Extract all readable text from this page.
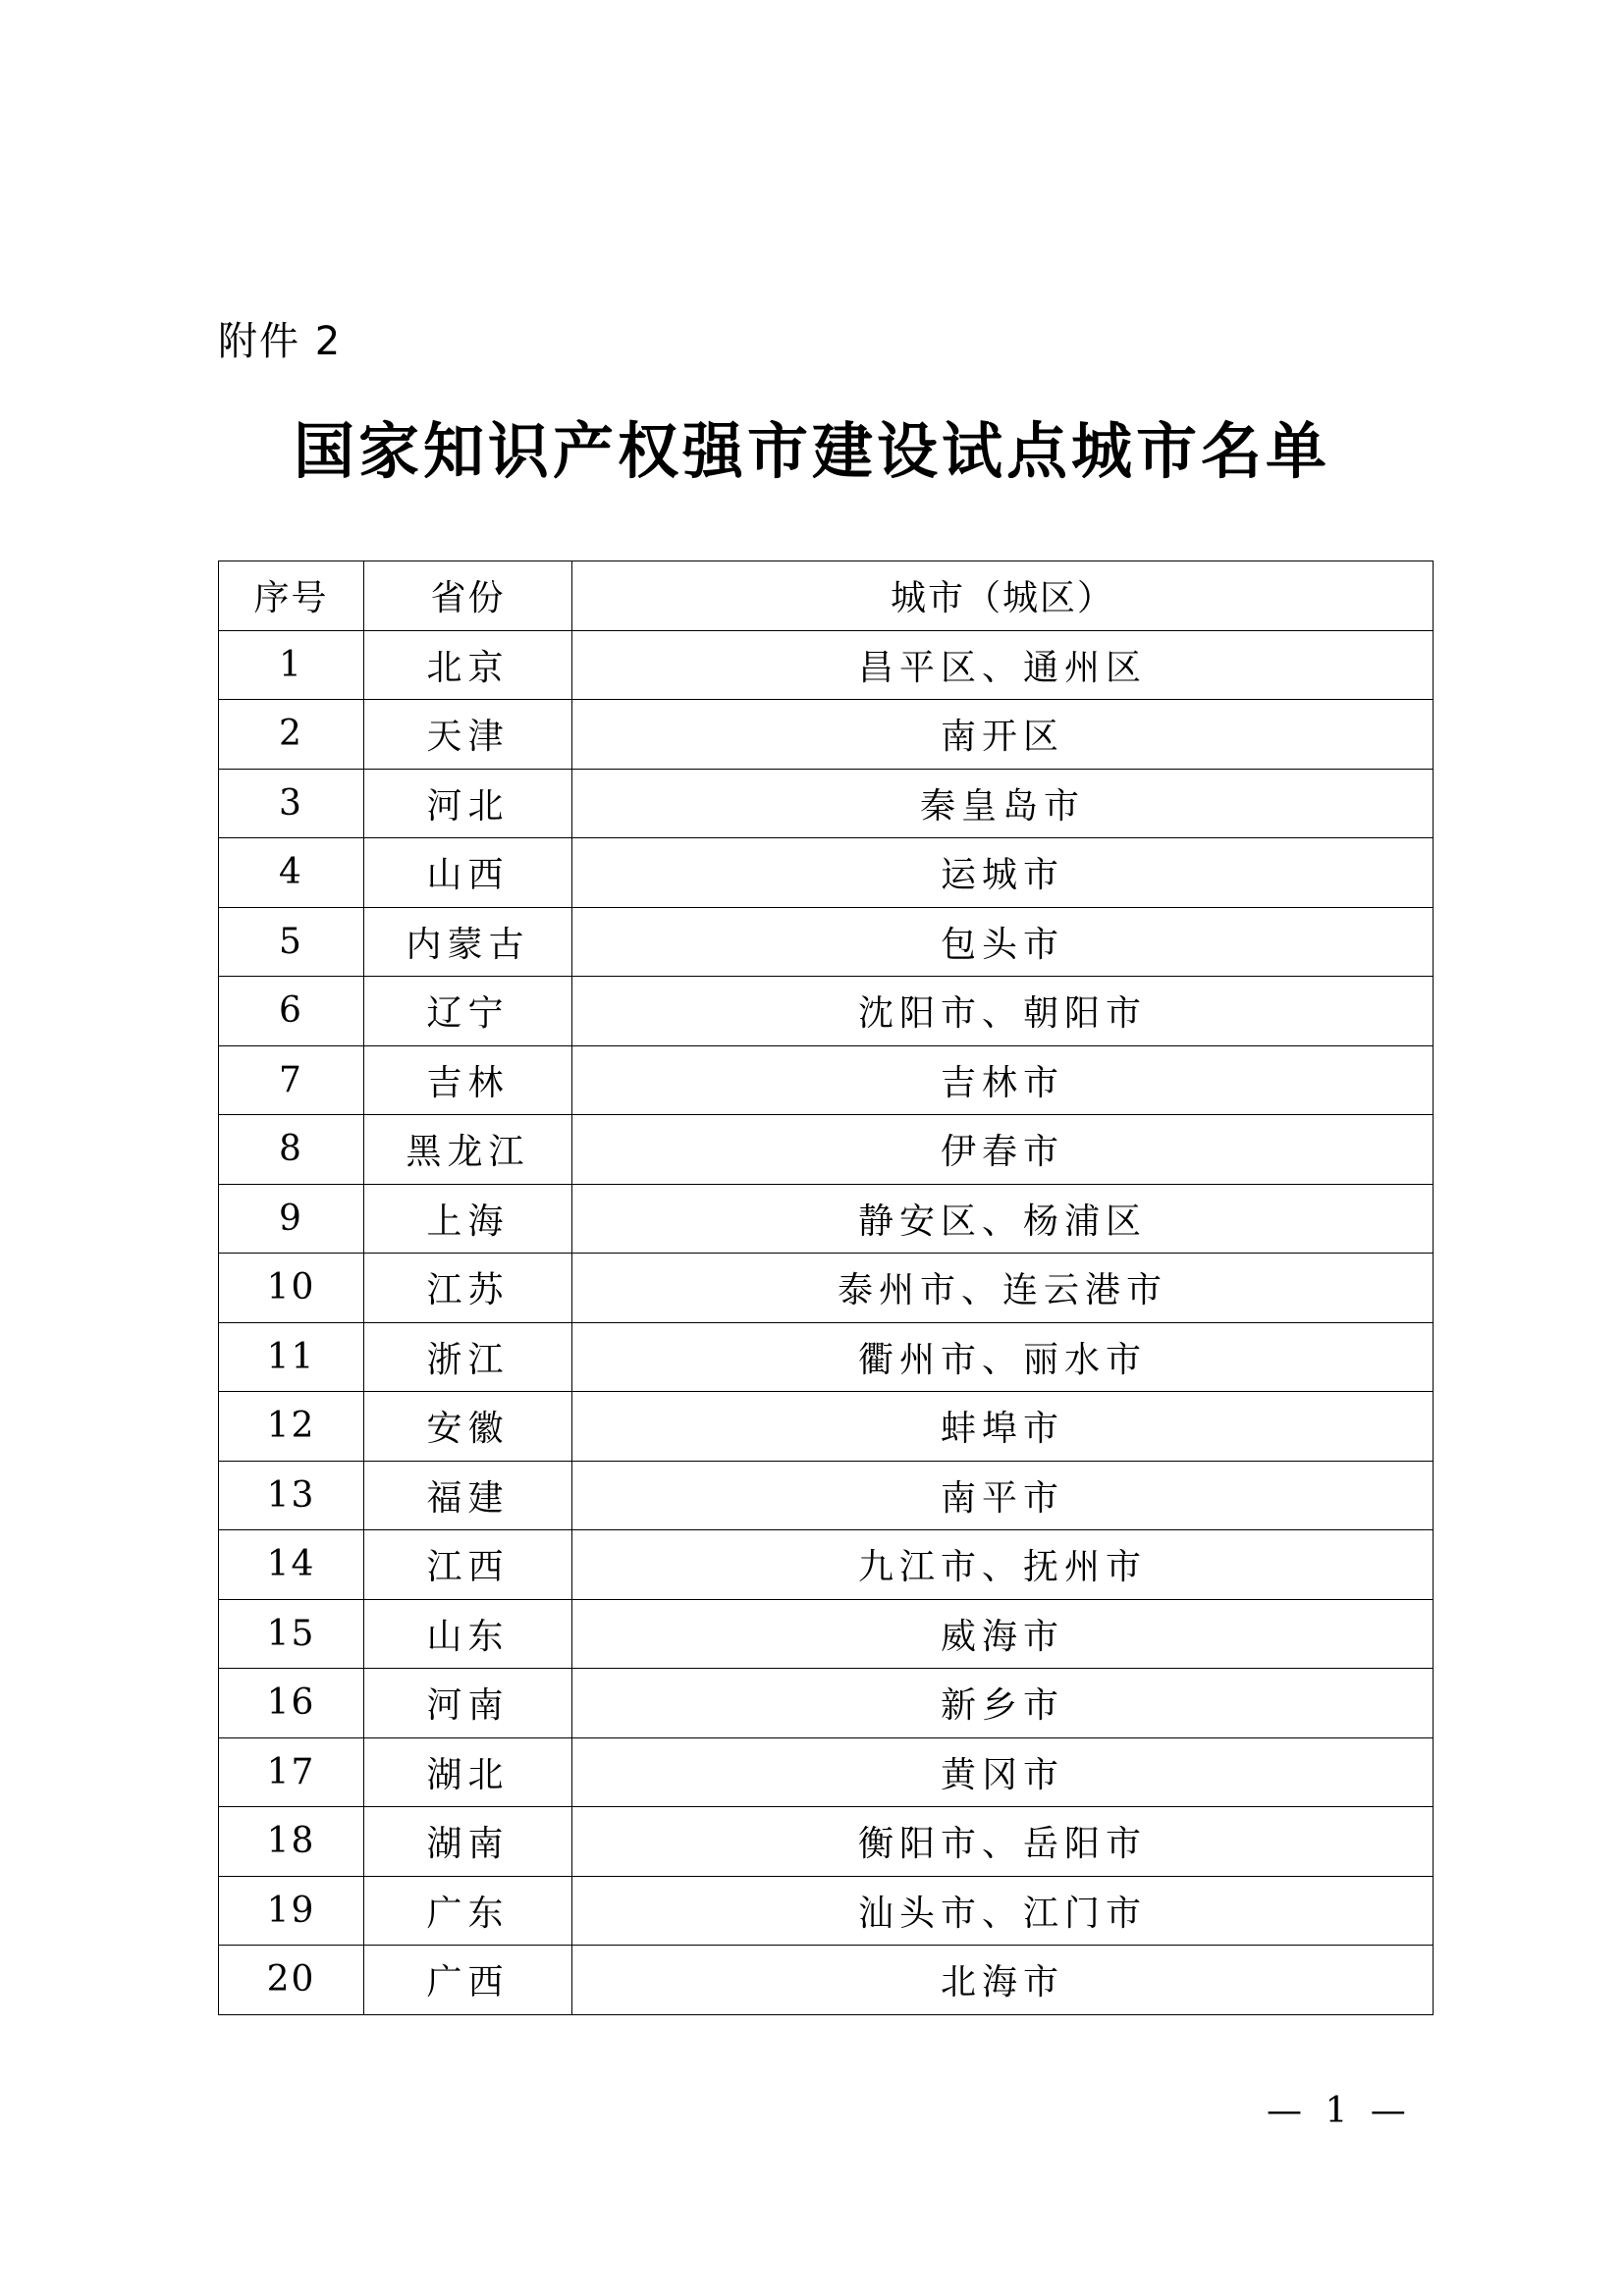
附件 2
国家知识产权强市建设试点城市名单
序号	省份	城市（城区）
1	北京	昌平区、通州区
2	天津	南开区
3	河北	秦皇岛市
4	山西	运城市
5	内蒙古	包头市
6	辽宁	沈阳市、朝阳市
7	吉林	吉林市
8	黑龙江	伊春市
9	上海	静安区、杨浦区
10	江苏	泰州市、连云港市
11	浙江	衢州市、丽水市
12	安徽	蚌埠市
13	福建	南平市
14	江西	九江市、抚州市
15	山东	威海市
16	河南	新乡市
17	湖北	黄冈市
18	湖南	衡阳市、岳阳市
19	广东	汕头市、江门市
20	广西	北海市
— 1 —
